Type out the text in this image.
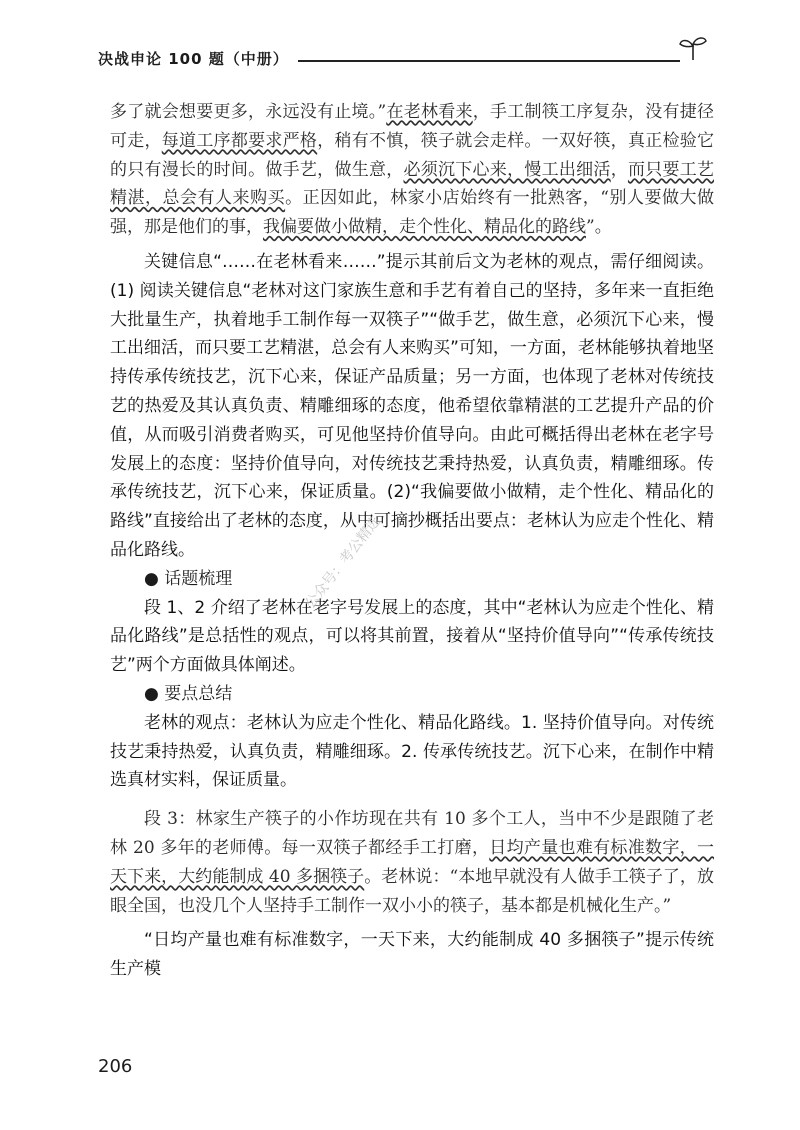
决战申论 100 题（中册）

多了就会想要更多，永远没有止境。”在老林看来，手工制筷工序复杂，没有捷径可走，每道工序都要求严格，稍有不慎，筷子就会走样。一双好筷，真正检验它的只有漫长的时间。做手艺，做生意，必须沉下心来，慢工出细活，而只要工艺精湛，总会有人来购买。正因如此，林家小店始终有一批熟客，“别人要做大做强，那是他们的事，我偏要做小做精，走个性化、精品化的路线”。

关键信息“……在老林看来……”提示其前后文为老林的观点，需仔细阅读。(1) 阅读关键信息“老林对这门家族生意和手艺有着自己的坚持，多年来一直拒绝大批量生产，执着地手工制作每一双筷子”“做手艺，做生意，必须沉下心来，慢工出细活，而只要工艺精湛，总会有人来购买”可知，一方面，老林能够执着地坚持传承传统技艺，沉下心来，保证产品质量；另一方面，也体现了老林对传统技艺的热爱及其认真负责、精雕细琢的态度，他希望依靠精湛的工艺提升产品的价值，从而吸引消费者购买，可见他坚持价值导向。由此可概括得出老林在老字号发展上的态度：坚持价值导向，对传统技艺秉持热爱，认真负责，精雕细琢。传承传统技艺，沉下心来，保证质量。(2)“我偏要做小做精，走个性化、精品化的路线”直接给出了老林的态度，从中可摘抄概括出要点：老林认为应走个性化、精品化路线。

● 话题梳理

段 1、2 介绍了老林在老字号发展上的态度，其中“老林认为应走个性化、精品化路线”是总括性的观点，可以将其前置，接着从“坚持价值导向”“传承传统技艺”两个方面做具体阐述。

● 要点总结

老林的观点：老林认为应走个性化、精品化路线。1. 坚持价值导向。对传统技艺秉持热爱，认真负责，精雕细琢。2. 传承传统技艺。沉下心来，在制作中精选真材实料，保证质量。

段 3：林家生产筷子的小作坊现在共有 10 多个工人，当中不少是跟随了老林 20 多年的老师傅。每一双筷子都经手工打磨，日均产量也难有标准数字，一天下来，大约能制成 40 多捆筷子。老林说：“本地早就没有人做手工筷子了，放眼全国，也没几个人坚持手工制作一双小小的筷子，基本都是机械化生产。”

“日均产量也难有标准数字，一天下来，大约能制成 40 多捆筷子”提示传统生产模

公众号：考公精选
206
